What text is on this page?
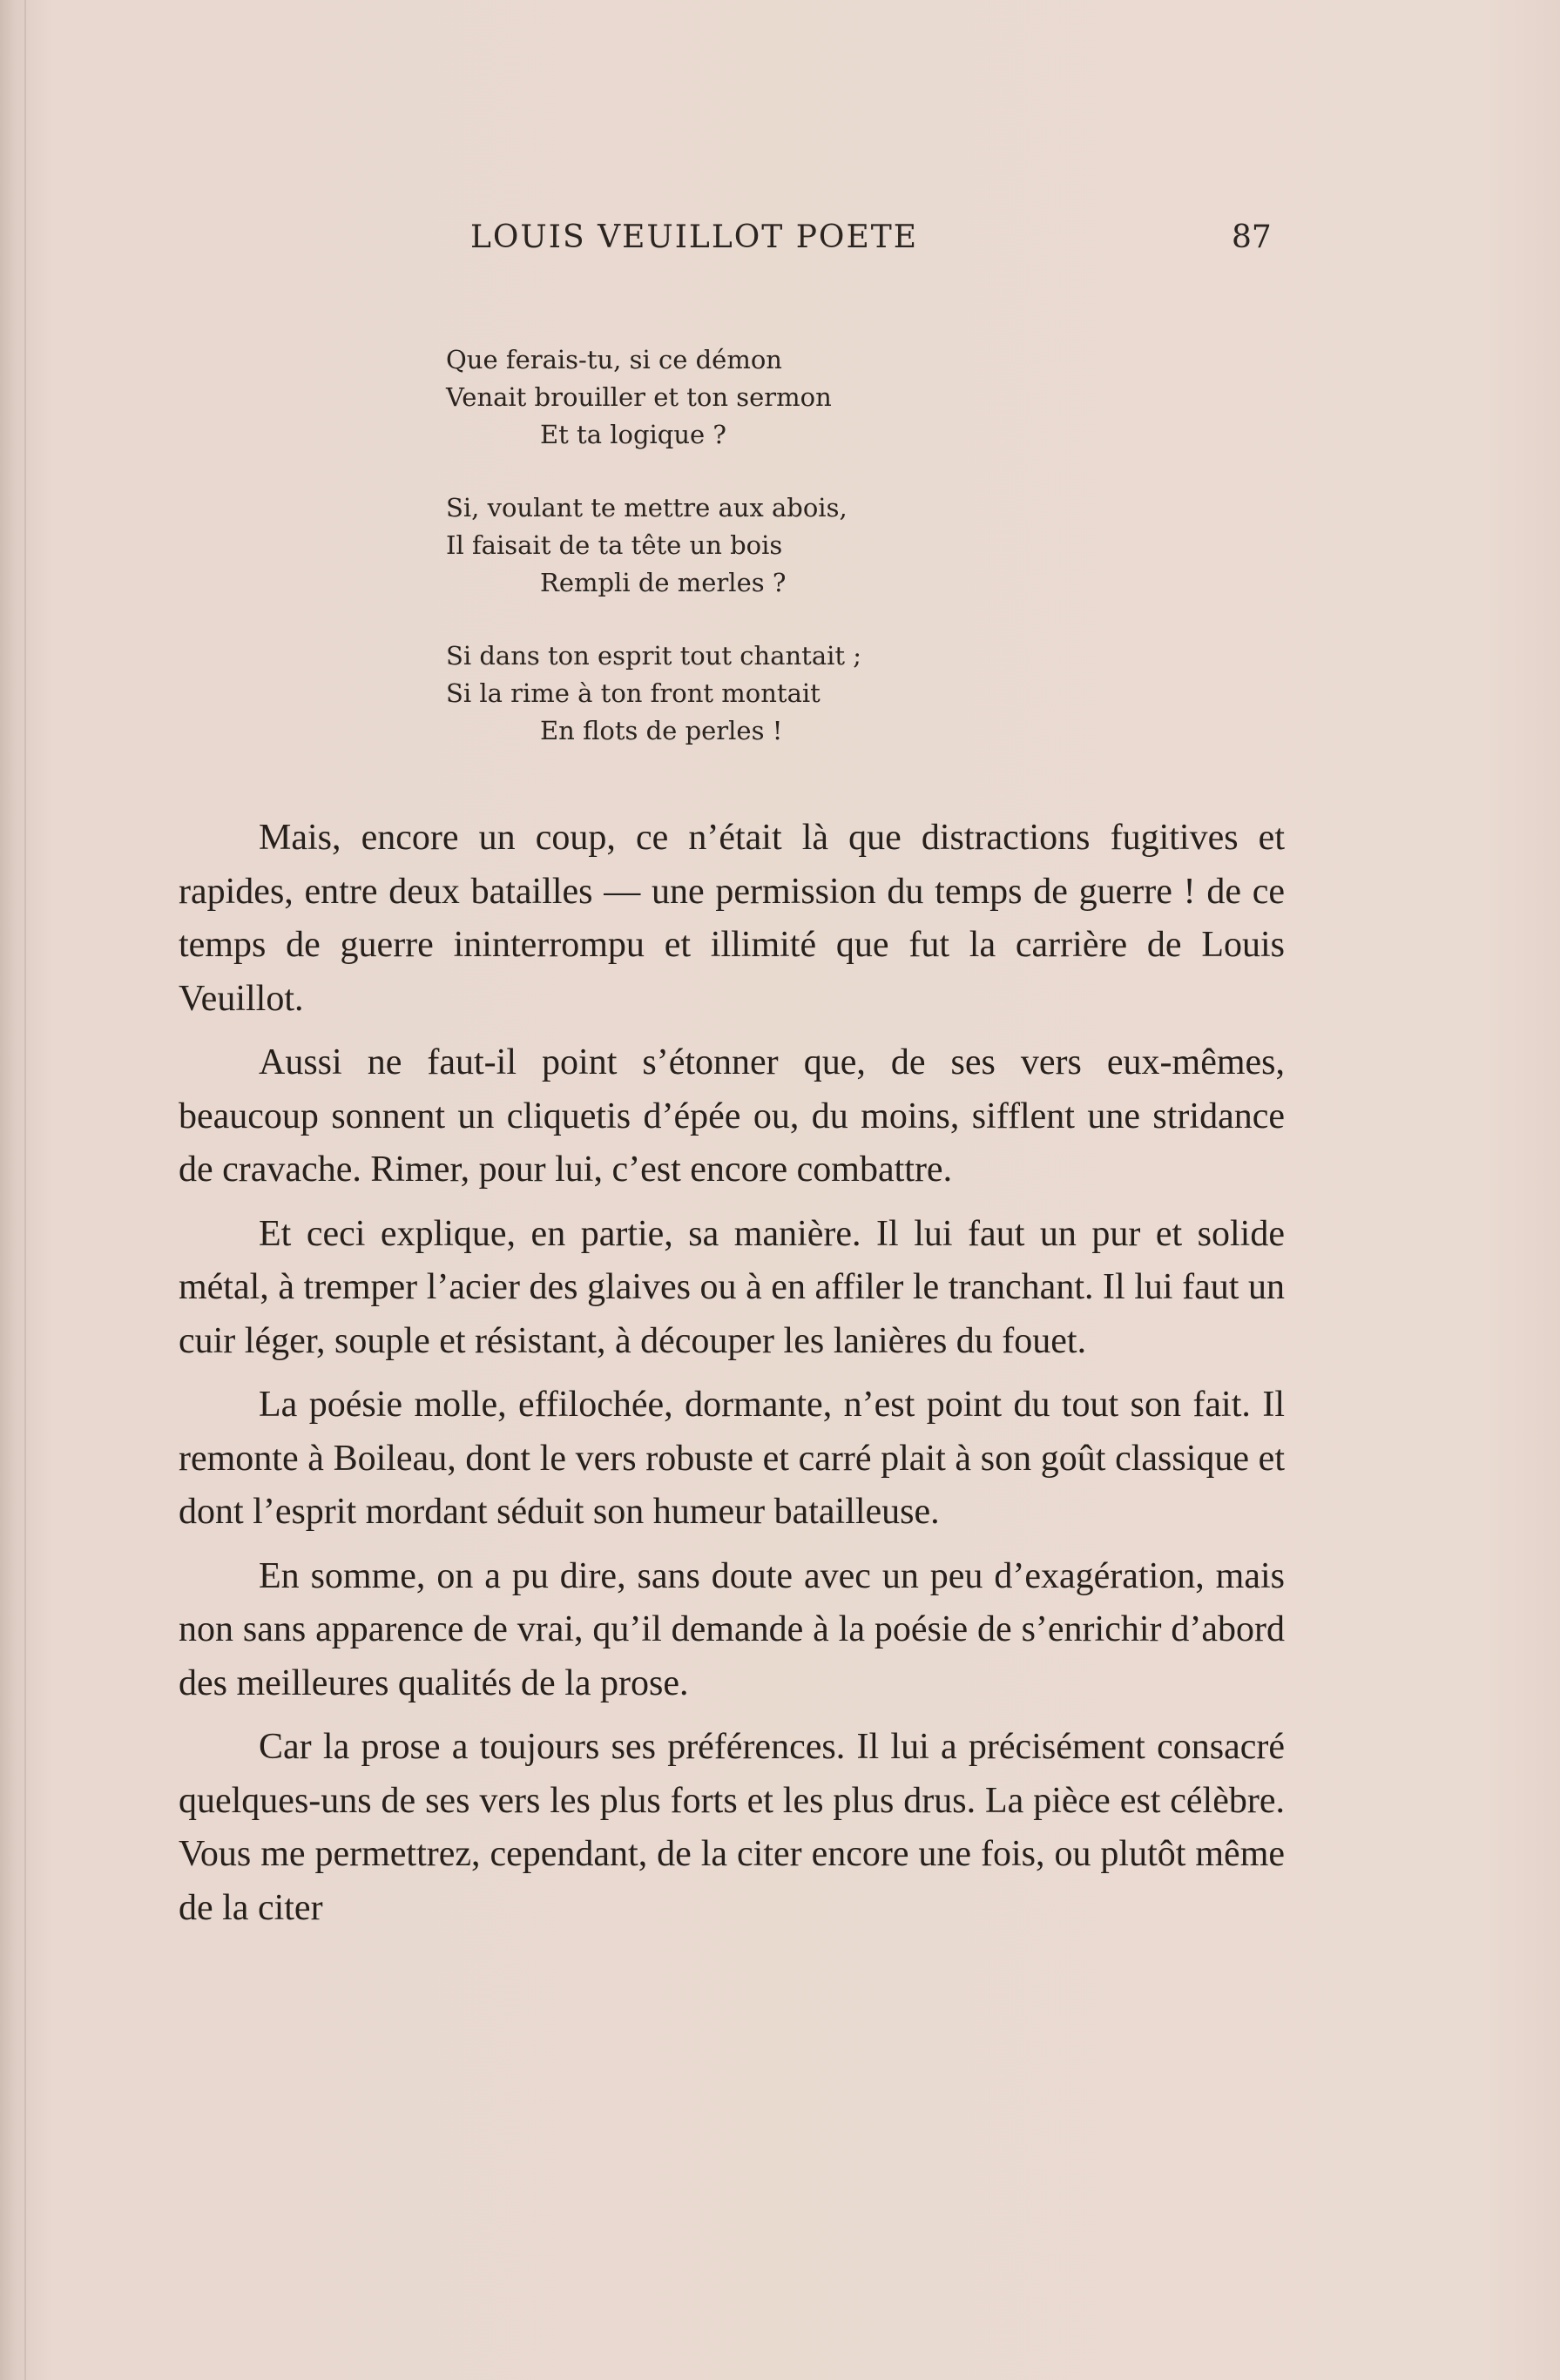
LOUIS VEUILLOT POETE	87
Que ferais-tu, si ce démon
Venait brouiller et ton sermon
Et ta logique ?
Si, voulant te mettre aux abois,
Il faisait de ta tête un bois
Rempli de merles ?
Si dans ton esprit tout chantait ;
Si la rime à ton front montait
En flots de perles !

Mais, encore un coup, ce n’était là que distractions fugitives et rapides, entre deux batailles — une permission du temps de guerre ! de ce temps de guerre ininterrompu et illimité que fut la carrière de Louis Veuillot.

Aussi ne faut-il point s’étonner que, de ses vers eux-mêmes, beaucoup sonnent un cliquetis d’épée ou, du moins, sifflent une stridance de cravache. Rimer, pour lui, c’est encore combattre.

Et ceci explique, en partie, sa manière. Il lui faut un pur et solide métal, à tremper l’acier des glaives ou à en affiler le tranchant. Il lui faut un cuir léger, souple et résistant, à découper les lanières du fouet.

La poésie molle, effilochée, dormante, n’est point du tout son fait. Il remonte à Boileau, dont le vers robuste et carré plait à son goût classique et dont l’esprit mordant séduit son humeur batailleuse.

En somme, on a pu dire, sans doute avec un peu d’exagération, mais non sans apparence de vrai, qu’il demande à la poésie de s’enrichir d’abord des meilleures qualités de la prose.

Car la prose a toujours ses préférences. Il lui a précisément consacré quelques-uns de ses vers les plus forts et les plus drus. La pièce est célèbre. Vous me permettrez, cependant, de la citer encore une fois, ou plutôt même de la citer
